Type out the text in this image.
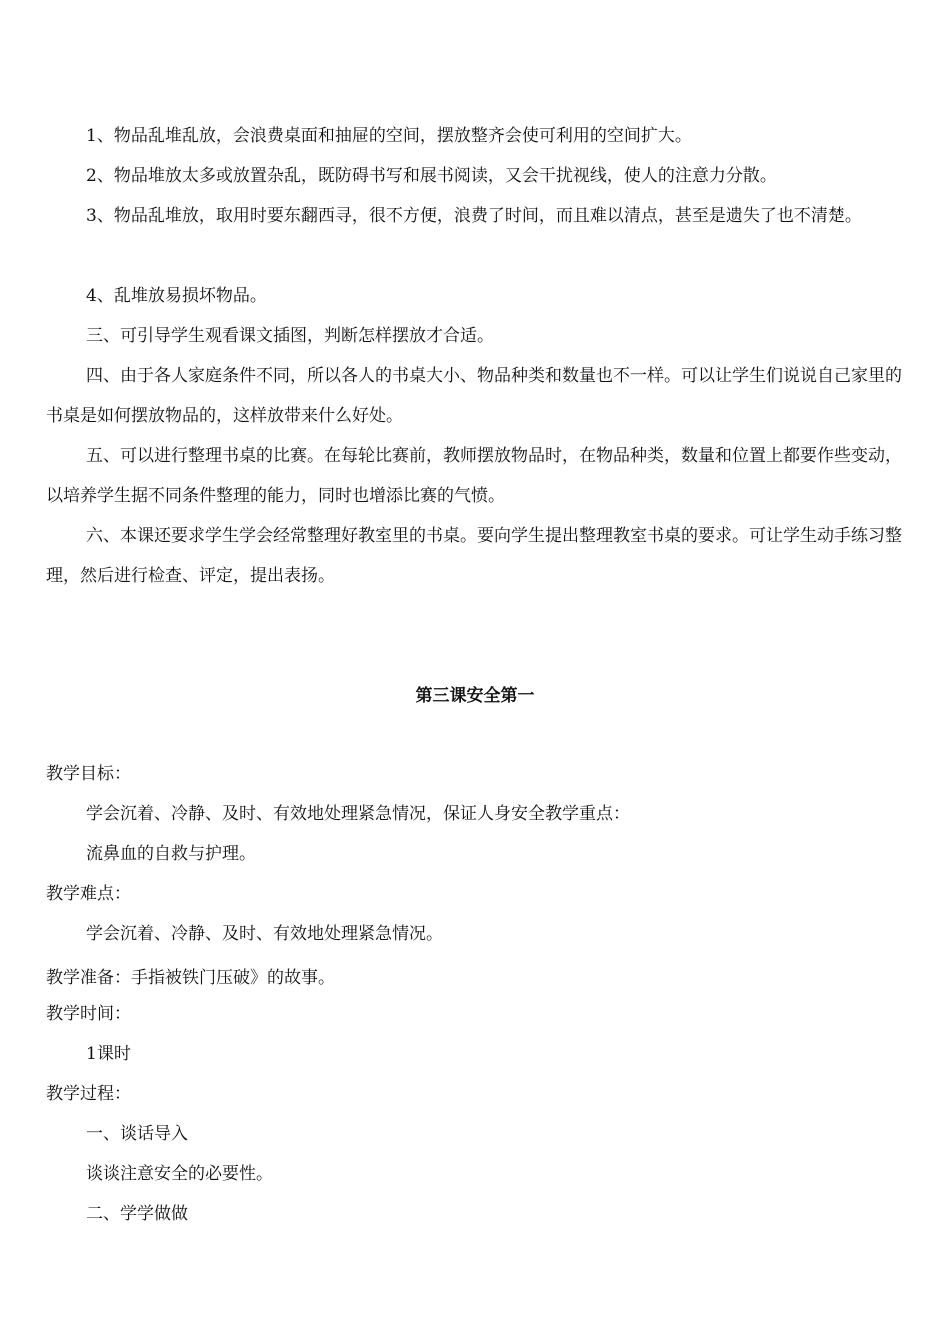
1、物品乱堆乱放，会浪费桌面和抽屉的空间，摆放整齐会使可利用的空间扩大。

2、物品堆放太多或放置杂乱，既防碍书写和展书阅读，又会干扰视线，使人的注意力分散。

3、物品乱堆放，取用时要东翻西寻，很不方便，浪费了时间，而且难以清点，甚至是遗失了也不清楚。

4、乱堆放易损坏物品。

三、可引导学生观看课文插图，判断怎样摆放才合适。

四、由于各人家庭条件不同，所以各人的书桌大小、物品种类和数量也不一样。可以让学生们说说自己家里的书桌是如何摆放物品的，这样放带来什么好处。

五、可以进行整理书桌的比赛。在每轮比赛前，教师摆放物品时，在物品种类，数量和位置上都要作些变动，以培养学生据不同条件整理的能力，同时也增添比赛的气愤。

六、本课还要求学生学会经常整理好教室里的书桌。要向学生提出整理教室书桌的要求。可让学生动手练习整理，然后进行检查、评定，提出表扬。

第三课安全第一

教学目标：

学会沉着、冷静、及时、有效地处理紧急情况，保证人身安全教学重点：

流鼻血的自救与护理。

教学难点：

学会沉着、冷静、及时、有效地处理紧急情况。

教学准备：手指被铁门压破》的故事。

教学时间：

1课时

教学过程：

一、谈话导入

谈谈注意安全的必要性。

二、学学做做
